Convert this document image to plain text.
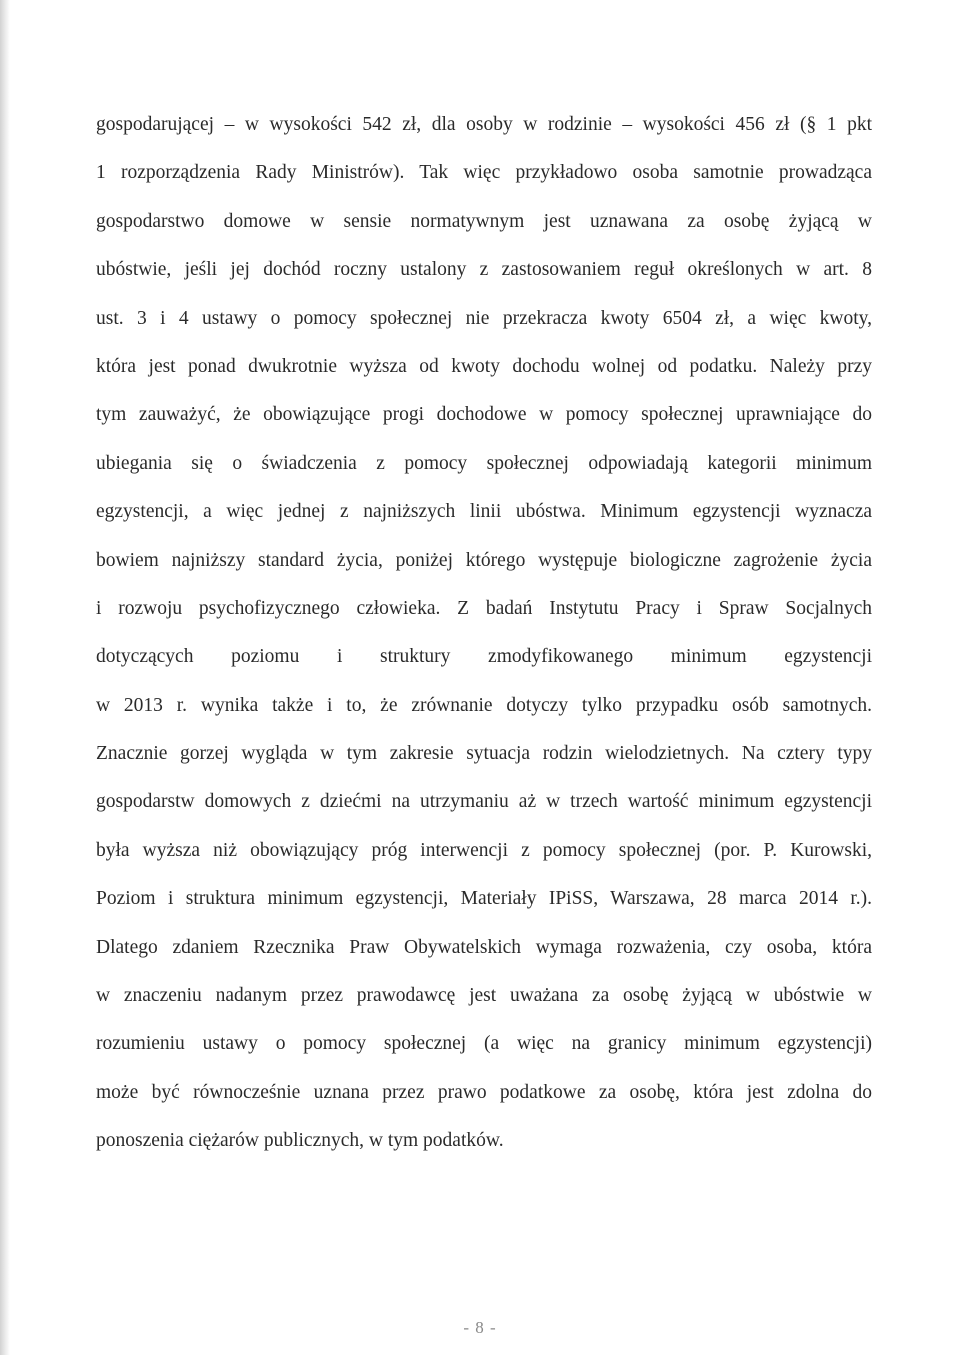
gospodarującej – w wysokości 542 zł, dla osoby w rodzinie – wysokości 456 zł (§ 1 pkt
1 rozporządzenia Rady Ministrów). Tak więc przykładowo osoba samotnie prowadząca
gospodarstwo domowe w sensie normatywnym jest uznawana za osobę żyjącą w
ubóstwie, jeśli jej dochód roczny ustalony z zastosowaniem reguł określonych w art. 8
ust. 3 i 4 ustawy o pomocy społecznej nie przekracza kwoty 6504 zł, a więc kwoty,
która jest ponad dwukrotnie wyższa od kwoty dochodu wolnej od podatku. Należy przy
tym zauważyć, że obowiązujące progi dochodowe w pomocy społecznej uprawniające do
ubiegania się o świadczenia z pomocy społecznej odpowiadają kategorii minimum
egzystencji, a więc jednej z najniższych linii ubóstwa. Minimum egzystencji wyznacza
bowiem najniższy standard życia, poniżej którego występuje biologiczne zagrożenie życia
i rozwoju psychofizycznego człowieka. Z badań Instytutu Pracy i Spraw Socjalnych
dotyczących poziomu i struktury zmodyfikowanego minimum egzystencji
w 2013 r. wynika także i to, że zrównanie dotyczy tylko przypadku osób samotnych.
Znacznie gorzej wygląda w tym zakresie sytuacja rodzin wielodzietnych. Na cztery typy
gospodarstw domowych z dziećmi na utrzymaniu aż w trzech wartość minimum egzystencji
była wyższa niż obowiązujący próg interwencji z pomocy społecznej (por. P. Kurowski,
Poziom i struktura minimum egzystencji, Materiały IPiSS, Warszawa, 28 marca 2014 r.).
Dlatego zdaniem Rzecznika Praw Obywatelskich wymaga rozważenia, czy osoba, która
w znaczeniu nadanym przez prawodawcę jest uważana za osobę żyjącą w ubóstwie w
rozumieniu ustawy o pomocy społecznej (a więc na granicy minimum egzystencji)
może być równocześnie uznana przez prawo podatkowe za osobę, która jest zdolna do
ponoszenia ciężarów publicznych, w tym podatków.
- 8 -
